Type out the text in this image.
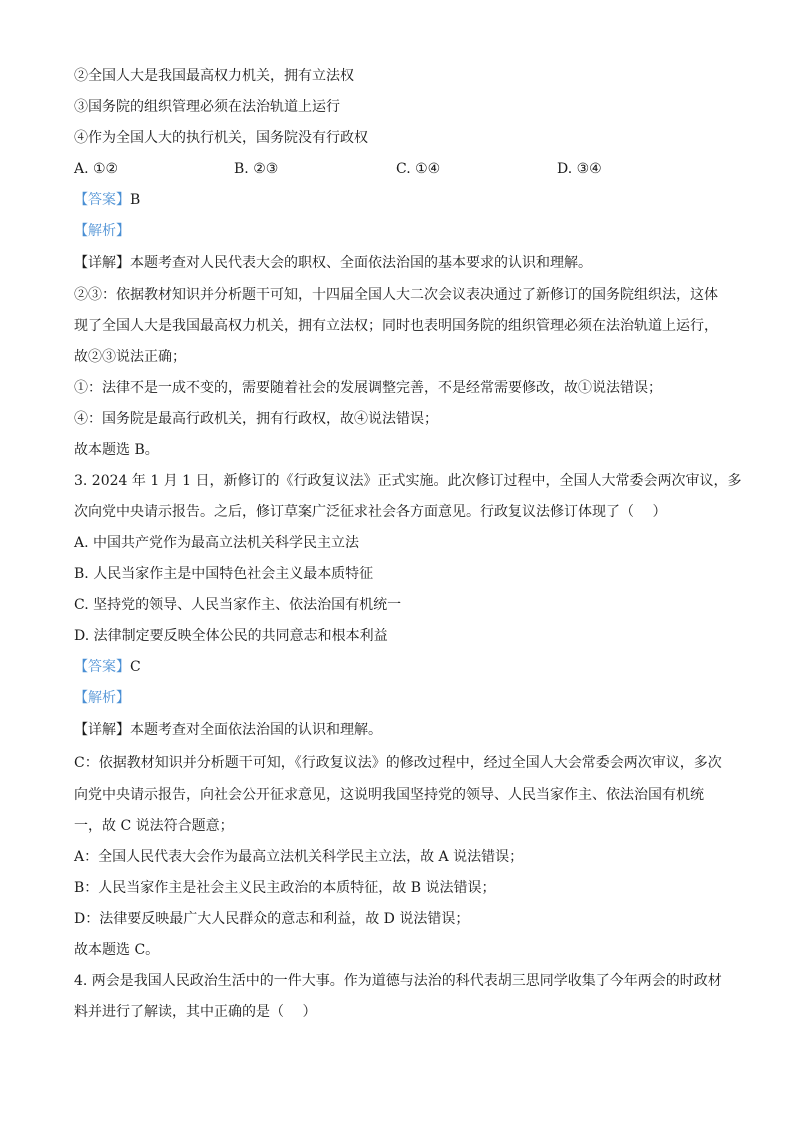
②全国人大是我国最高权力机关，拥有立法权
③国务院的组织管理必须在法治轨道上运行
④作为全国人大的执行机关，国务院没有行政权
A. ①②	B. ②③	C. ①④	D. ③④
【答案】B
【解析】
【详解】本题考查对人民代表大会的职权、全面依法治国的基本要求的认识和理解。
②③：依据教材知识并分析题干可知，十四届全国人大二次会议表决通过了新修订的国务院组织法，这体
现了全国人大是我国最高权力机关，拥有立法权；同时也表明国务院的组织管理必须在法治轨道上运行，
故②③说法正确；
①：法律不是一成不变的，需要随着社会的发展调整完善，不是经常需要修改，故①说法错误；
④：国务院是最高行政机关，拥有行政权，故④说法错误；
故本题选 B。
3. 2024 年 1 月 1 日，新修订的《行政复议法》正式实施。此次修订过程中，全国人大常委会两次审议，多
次向党中央请示报告。之后，修订草案广泛征求社会各方面意见。行政复议法修订体现了（　 ）
A. 中国共产党作为最高立法机关科学民主立法
B. 人民当家作主是中国特色社会主义最本质特征
C. 坚持党的领导、人民当家作主、依法治国有机统一
D. 法律制定要反映全体公民的共同意志和根本利益
【答案】C
【解析】
【详解】本题考查对全面依法治国的认识和理解。
C：依据教材知识并分析题干可知，《行政复议法》的修改过程中，经过全国人大会常委会两次审议，多次
向党中央请示报告，向社会公开征求意见，这说明我国坚持党的领导、人民当家作主、依法治国有机统
一，故 C 说法符合题意；
A：全国人民代表大会作为最高立法机关科学民主立法，故 A 说法错误；
B：人民当家作主是社会主义民主政治的本质特征，故 B 说法错误；
D：法律要反映最广大人民群众的意志和利益，故 D 说法错误；
故本题选 C。
4. 两会是我国人民政治生活中的一件大事。作为道德与法治的科代表胡三思同学收集了今年两会的时政材
料并进行了解读，其中正确的是（　 ）
